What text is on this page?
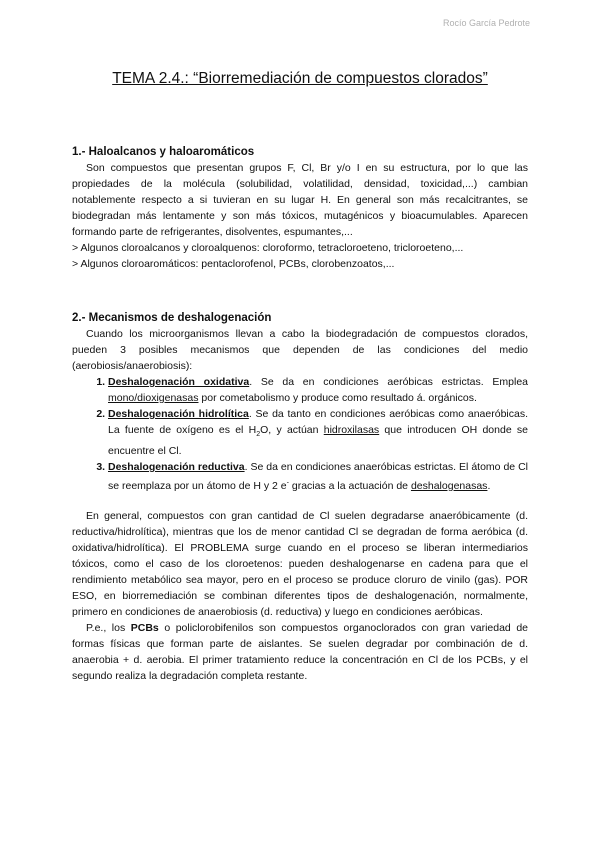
Rocío García Pedrote
TEMA 2.4.: “Biorremediación de compuestos clorados”

1.- Haloalcanos y haloaromáticos

Son compuestos que presentan grupos F, Cl, Br y/o I en su estructura, por lo que las propiedades de la molécula (solubilidad, volatilidad, densidad, toxicidad,...) cambian notablemente respecto a si tuvieran en su lugar H. En general son más recalcitrantes, se biodegradan más lentamente y son más tóxicos, mutagénicos y bioacumulables. Aparecen formando parte de refrigerantes, disolventes, espumantes,...

> Algunos cloroalcanos y cloroalquenos: cloroformo, tetracloroeteno, tricloroeteno,...

> Algunos cloroaromáticos: pentaclorofenol, PCBs, clorobenzoatos,...

2.- Mecanismos de deshalogenación

Cuando los microorganismos llevan a cabo la biodegradación de compuestos clorados, pueden 3 posibles mecanismos que dependen de las condiciones del medio (aerobiosis/anaerobiosis):

1. Deshalogenación oxidativa. Se da en condiciones aeróbicas estrictas. Emplea mono/dioxigenasas por cometabolismo y produce como resultado á. orgánicos.
2. Deshalogenación hidrolítica. Se da tanto en condiciones aeróbicas como anaeróbicas. La fuente de oxígeno es el $H_2O$, y actúan hidroxilasas que introducen OH donde se encuentre el Cl.
3. Deshalogenación reductiva. Se da en condiciones anaeróbicas estrictas. El átomo de Cl se reemplaza por un átomo de H y 2 e- gracias a la actuación de deshalogenasas.

En general, compuestos con gran cantidad de Cl suelen degradarse anaeróbicamente (d. reductiva/hidrolítica), mientras que los de menor cantidad Cl se degradan de forma aeróbica (d. oxidativa/hidrolítica). El PROBLEMA surge cuando en el proceso se liberan intermediarios tóxicos, como el caso de los cloroetenos: pueden deshalogenarse en cadena para que el rendimiento metabólico sea mayor, pero en el proceso se produce cloruro de vinilo (gas). POR ESO, en biorremediación se combinan diferentes tipos de deshalogenación, normalmente, primero en condiciones de anaerobiosis (d. reductiva) y luego en condiciones aeróbicas.

P.e., los PCBs o policlorobifenilos son compuestos organoclorados con gran variedad de formas físicas que forman parte de aislantes. Se suelen degradar por combinación de d. anaerobia + d. aerobia. El primer tratamiento reduce la concentración en Cl de los PCBs, y el segundo realiza la degradación completa restante.
